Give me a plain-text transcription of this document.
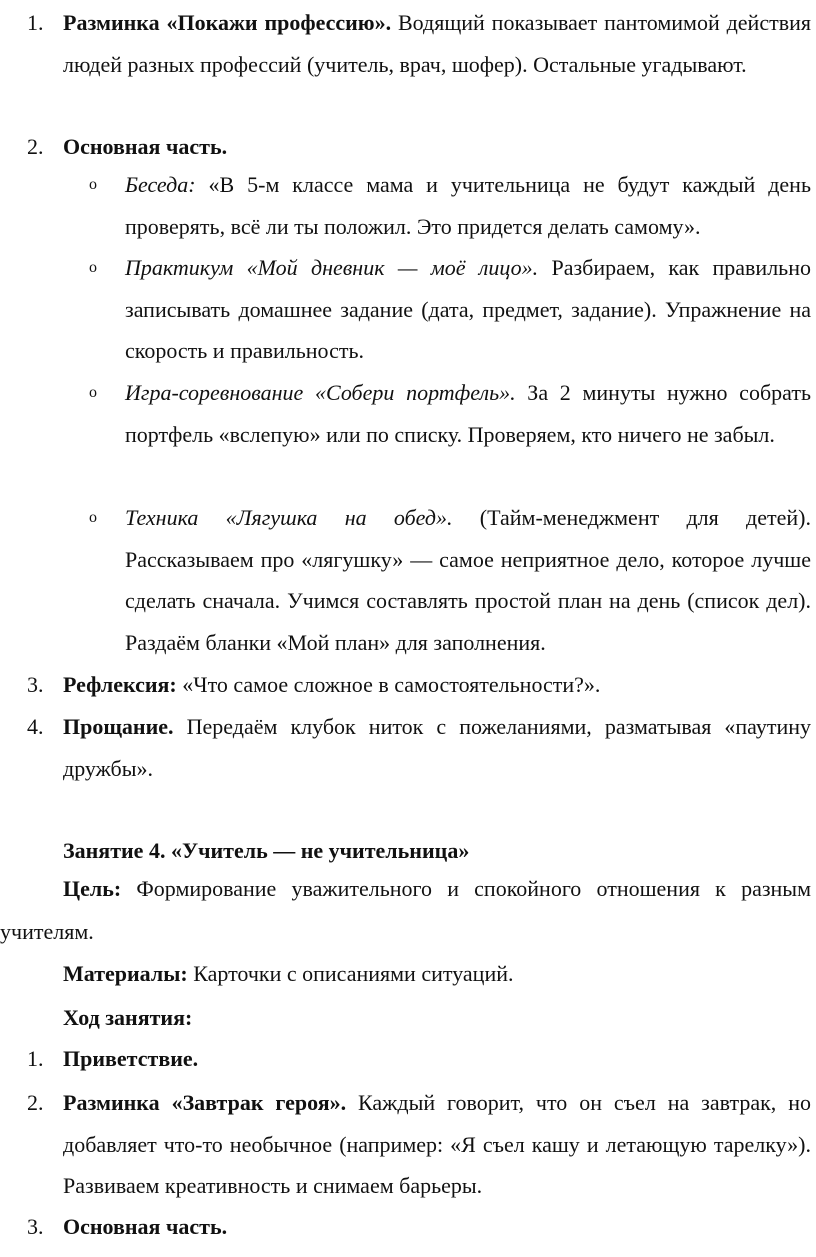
1. Разминка «Покажи профессию». Водящий показывает пантомимой действия людей разных профессий (учитель, врач, шофер). Остальные угадывают.
2. Основная часть.
o Беседа: «В 5-м классе мама и учительница не будут каждый день проверять, всё ли ты положил. Это придется делать самому».
o Практикум «Мой дневник — моё лицо». Разбираем, как правильно записывать домашнее задание (дата, предмет, задание). Упражнение на скорость и правильность.
o Игра-соревнование «Собери портфель». За 2 минуты нужно собрать портфель «вслепую» или по списку. Проверяем, кто ничего не забыл.
o Техника «Лягушка на обед». (Тайм-менеджмент для детей). Рассказываем про «лягушку» — самое неприятное дело, которое лучше сделать сначала. Учимся составлять простой план на день (список дел). Раздаём бланки «Мой план» для заполнения.
3. Рефлексия: «Что самое сложное в самостоятельности?».
4. Прощание. Передаём клубок ниток с пожеланиями, разматывая «паутину дружбы».
Занятие 4. «Учитель — не учительница»
Цель: Формирование уважительного и спокойного отношения к разным учителям.
Материалы: Карточки с описаниями ситуаций.
Ход занятия:
1. Приветствие.
2. Разминка «Завтрак героя». Каждый говорит, что он съел на завтрак, но добавляет что-то необычное (например: «Я съел кашу и летающую тарелку»). Развиваем креативность и снимаем барьеры.
3. Основная часть.
